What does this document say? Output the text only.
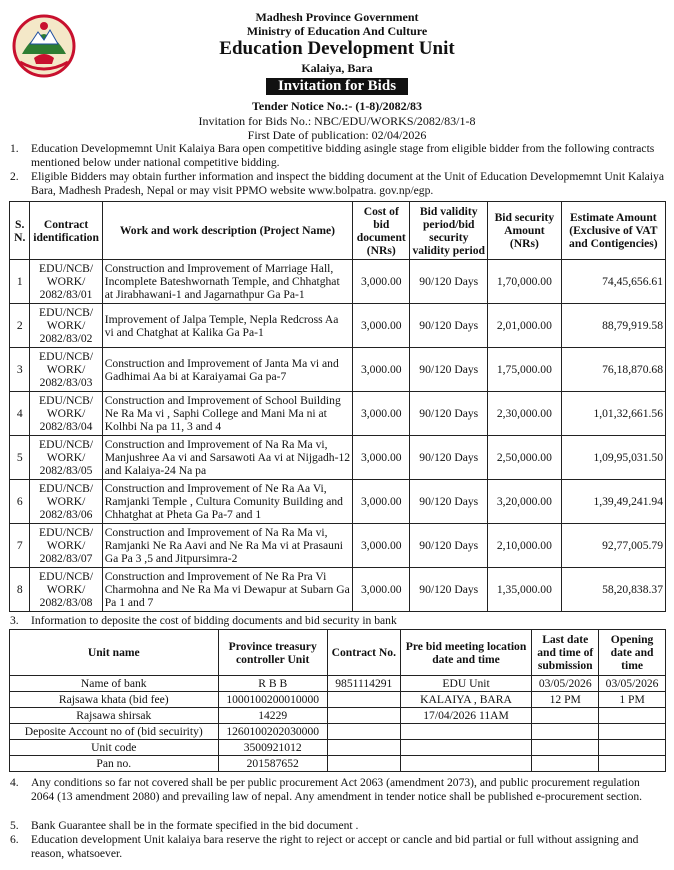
Madhesh Province Government
Ministry of Education And Culture
Education Development Unit
Kalaiya, Bara
Invitation for Bids
Tender Notice No.:- (1-8)/2082/83
Invitation for Bids No.: NBC/EDU/WORKS/2082/83/1-8
First Date of publication: 02/04/2026
1. Education Developmemnt Unit Kalaiya Bara open competitive bidding asingle stage from eligible bidder from the following contracts mentioned below under national competitive bidding.
2. Eligible Bidders may obtain further information and inspect the bidding document at the Unit of Education Developmemnt Unit Kalaiya Bara, Madhesh Pradesh, Nepal or may visit PPMO website www.bolpatra. gov.np/egp.
S. N.	Contract identification	Work and work description (Project Name)	Cost of bid document (NRs)	Bid validity period/bid security validity period	Bid security Amount (NRs)	Estimate Amount (Exclusive of VAT and Contigencies)
1	EDU/NCB/ WORK/ 2082/83/01	Construction and Improvement of Marriage Hall, Incomplete Bateshwornath Temple, and Chhatghat at Jirabhawani-1 and Jagarnathpur Ga Pa-1	3,000.00	90/120 Days	1,70,000.00	74,45,656.61
2	EDU/NCB/ WORK/ 2082/83/02	Improvement of Jalpa Temple, Nepla Redcross Aa vi and Chatghat at Kalika Ga Pa-1	3,000.00	90/120 Days	2,01,000.00	88,79,919.58
3	EDU/NCB/ WORK/ 2082/83/03	Construction and Improvement of Janta Ma vi and Gadhimai Aa bi at Karaiyamai Ga pa-7	3,000.00	90/120 Days	1,75,000.00	76,18,870.68
4	EDU/NCB/ WORK/ 2082/83/04	Construction and Improvement of School Building Ne Ra Ma vi , Saphi College and Mani Ma ni at Kolhbi Na pa 11, 3 and 4	3,000.00	90/120 Days	2,30,000.00	1,01,32,661.56
5	EDU/NCB/ WORK/ 2082/83/05	Construction and Improvement of Na Ra Ma vi, Manjushree Aa vi and Sarsawoti Aa vi at Nijgadh-12 and Kalaiya-24 Na pa	3,000.00	90/120 Days	2,50,000.00	1,09,95,031.50
6	EDU/NCB/ WORK/ 2082/83/06	Construction and Improvement of Ne Ra Aa Vi, Ramjanki Temple , Cultura Comunity Building and Chhatghat at Pheta Ga Pa-7 and 1	3,000.00	90/120 Days	3,20,000.00	1,39,49,241.94
7	EDU/NCB/ WORK/ 2082/83/07	Construction and Improvement of Na Ra Ma vi, Ramjanki Ne Ra Aavi and Ne Ra Ma vi at Prasauni Ga Pa 3 ,5 and Jitpursimra-2	3,000.00	90/120 Days	2,10,000.00	92,77,005.79
8	EDU/NCB/ WORK/ 2082/83/08	Construction and Improvement of Ne Ra Pra Vi Charmohna and Ne Ra Ma vi Dewapur at Subarn Ga Pa 1 and 7	3,000.00	90/120 Days	1,35,000.00	58,20,838.37
3. Information to deposite the cost of bidding documents and bid security in bank
Unit name	Province treasury controller Unit	Contract No.	Pre bid meeting location date and time	Last date and time of submission	Opening date and time
Name of bank	R B B	9851114291	EDU Unit	03/05/2026	03/05/2026
Rajsawa khata (bid fee)	1000100200010000		KALAIYA , BARA	12 PM	1 PM
Rajsawa shirsak	14229		17/04/2026 11AM		
Deposite Account no of (bid secuirity)	1260100202030000				
Unit code	3500921012				
Pan no.	201587652				
4. Any conditions so far not covered shall be per public procurement Act 2063 (amendment 2073), and public procurement regulation 2064 (13 amendment 2080) and prevailing law of nepal. Any amendment in tender notice shall be published e-procurement section.
5. Bank Guarantee shall be in the formate specified in the bid document .
6. Education development Unit kalaiya bara reserve the right to reject or accept or cancle and bid partial or full without assigning and reason, whatsoever.
